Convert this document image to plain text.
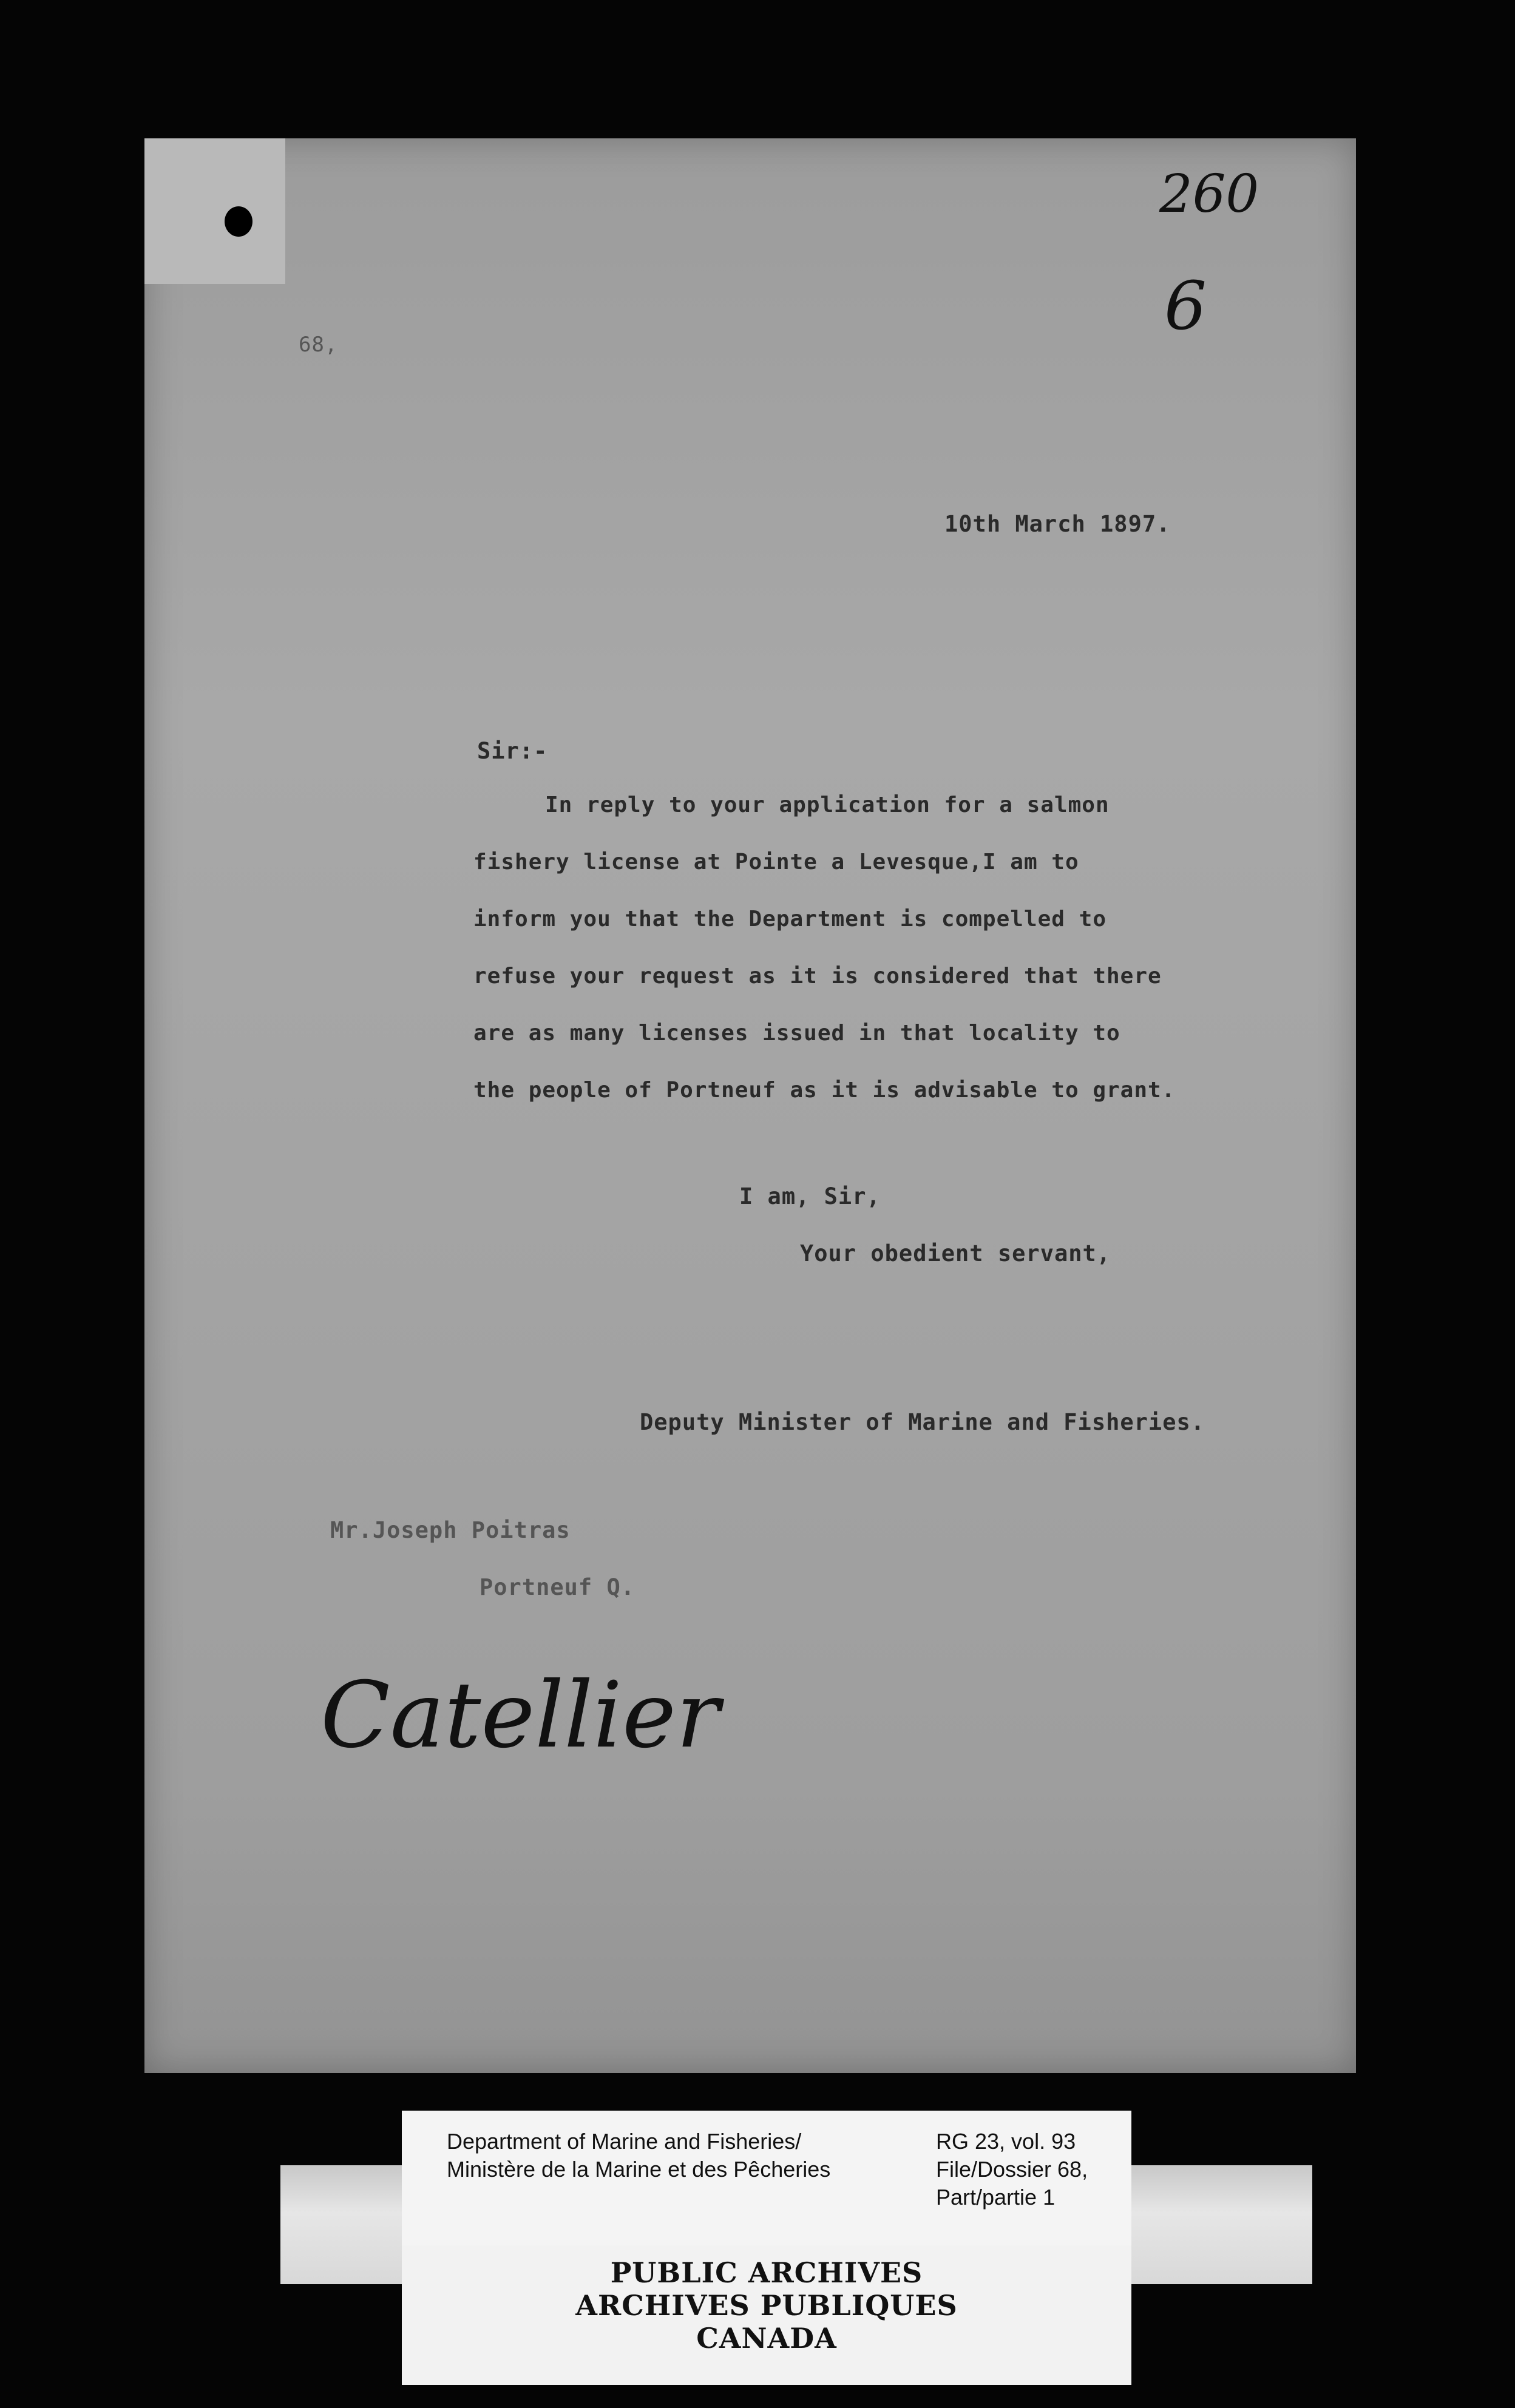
260
6
68,
10th March 1897.
Sir:-
In reply to your application for a salmon
fishery license at Pointe a Levesque,I am to
inform you that the Department is compelled to
refuse your request as it is considered that there
are as many licenses issued in that locality to
the people of Portneuf as it is advisable to grant.
I am, Sir,
Your obedient servant,
Deputy Minister of Marine and Fisheries.
Mr.Joseph Poitras
Portneuf Q.
Catellier
Department of Marine and Fisheries/
Ministère de la Marine et des Pêcheries
RG 23, vol. 93
File/Dossier 68,
Part/partie 1
PUBLIC ARCHIVES
ARCHIVES PUBLIQUES
CANADA
